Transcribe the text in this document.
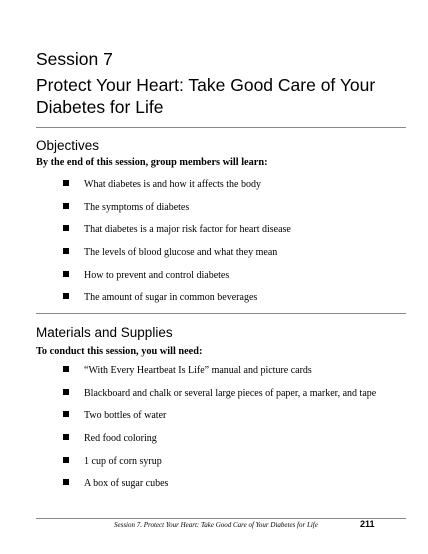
Session 7
Protect Your Heart: Take Good Care of Your Diabetes for Life
Objectives
By the end of this session, group members will learn:
What diabetes is and how it affects the body
The symptoms of diabetes
That diabetes is a major risk factor for heart disease
The levels of blood glucose and what they mean
How to prevent and control diabetes
The amount of sugar in common beverages
Materials and Supplies
To conduct this session, you will need:
“With Every Heartbeat Is Life” manual and picture cards
Blackboard and chalk or several large pieces of paper, a marker, and tape
Two bottles of water
Red food coloring
1 cup of corn syrup
A box of sugar cubes
Session 7. Protect Your Heart: Take Good Care of Your Diabetes for Life	211
